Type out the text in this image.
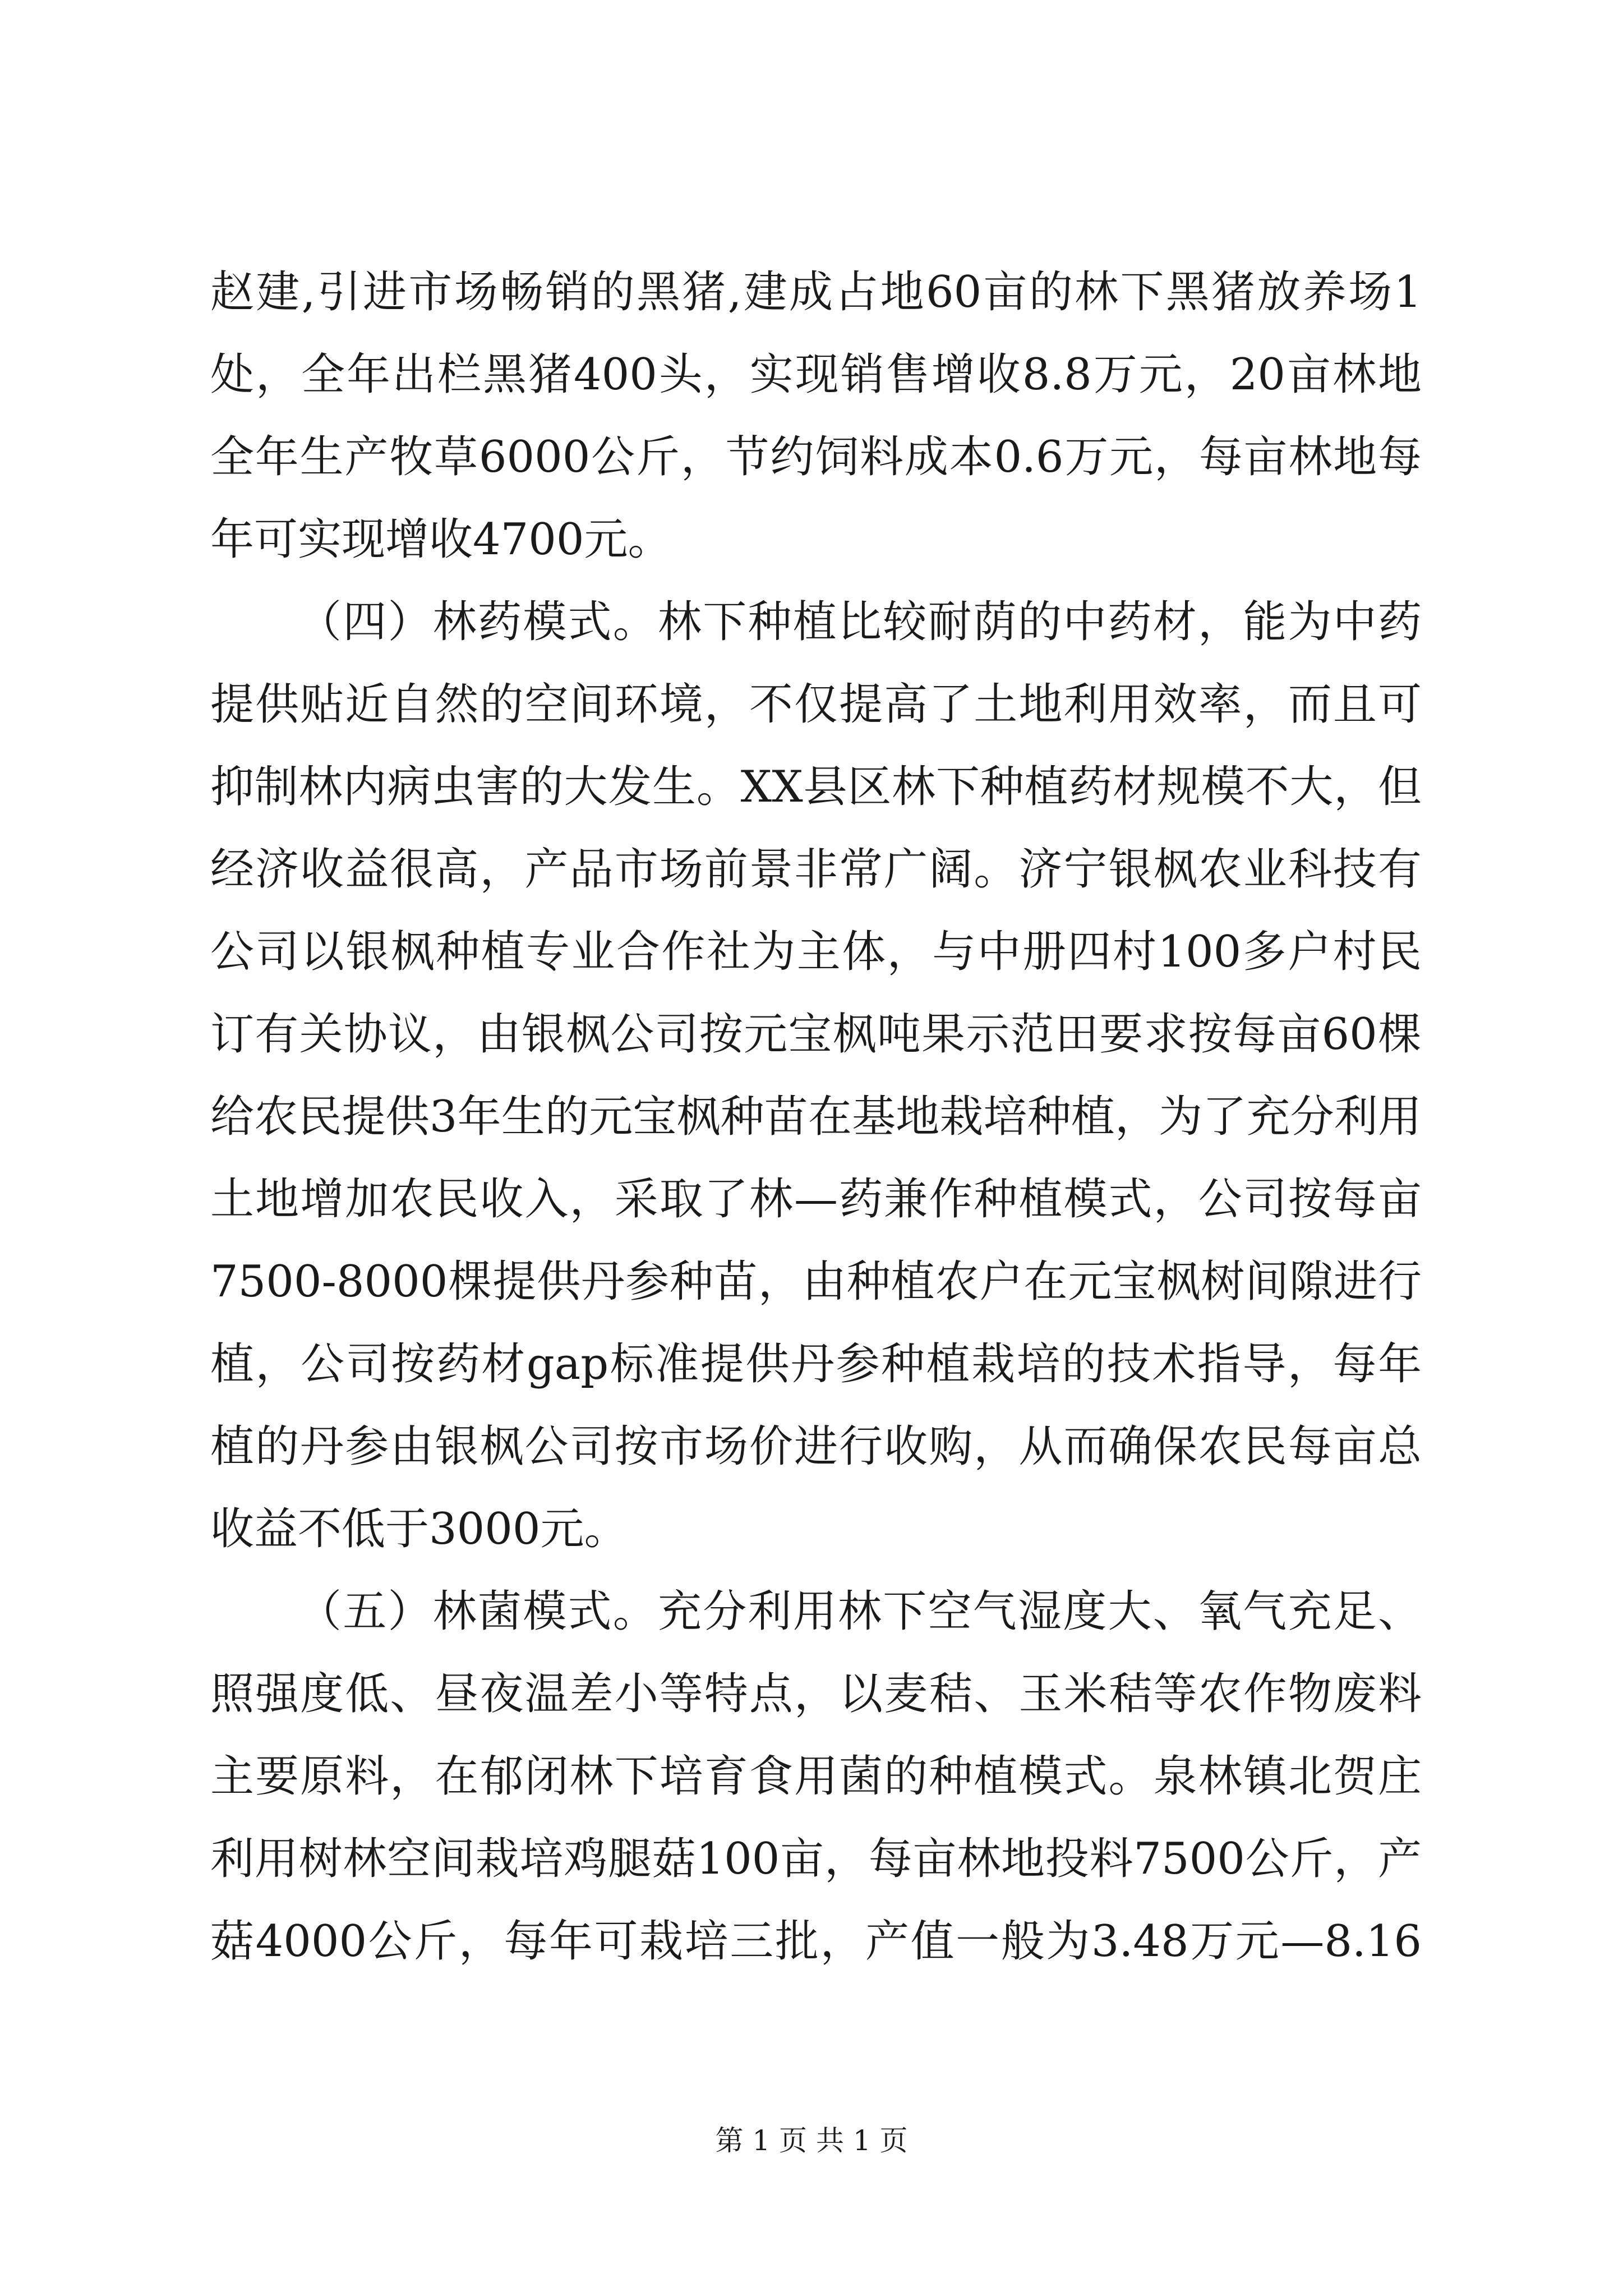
赵建,引进市场畅销的黑猪,建成占地60亩的林下黑猪放养场1
处，全年出栏黑猪400头，实现销售增收8.8万元，20亩林地
全年生产牧草6000公斤，节约饲料成本0.6万元，每亩林地每
年可实现增收4700元。
（四）林药模式。林下种植比较耐荫的中药材，能为中药
提供贴近自然的空间环境，不仅提高了土地利用效率，而且可
抑制林内病虫害的大发生。XX县区林下种植药材规模不大，但
经济收益很高，产品市场前景非常广阔。济宁银枫农业科技有
公司以银枫种植专业合作社为主体，与中册四村100多户村民
订有关协议，由银枫公司按元宝枫吨果示范田要求按每亩60棵
给农民提供3年生的元宝枫种苗在基地栽培种植，为了充分利用
土地增加农民收入，采取了林—药兼作种植模式，公司按每亩
7500-8000棵提供丹参种苗，由种植农户在元宝枫树间隙进行
植，公司按药材gap标准提供丹参种植栽培的技术指导，每年
植的丹参由银枫公司按市场价进行收购，从而确保农民每亩总
收益不低于3000元。
（五）林菌模式。充分利用林下空气湿度大、氧气充足、
照强度低、昼夜温差小等特点，以麦秸、玉米秸等农作物废料
主要原料，在郁闭林下培育食用菌的种植模式。泉林镇北贺庄
利用树林空间栽培鸡腿菇100亩，每亩林地投料7500公斤，产
菇4000公斤，每年可栽培三批，产值一般为3.48万元—8.16
第 1 页 共 1 页
